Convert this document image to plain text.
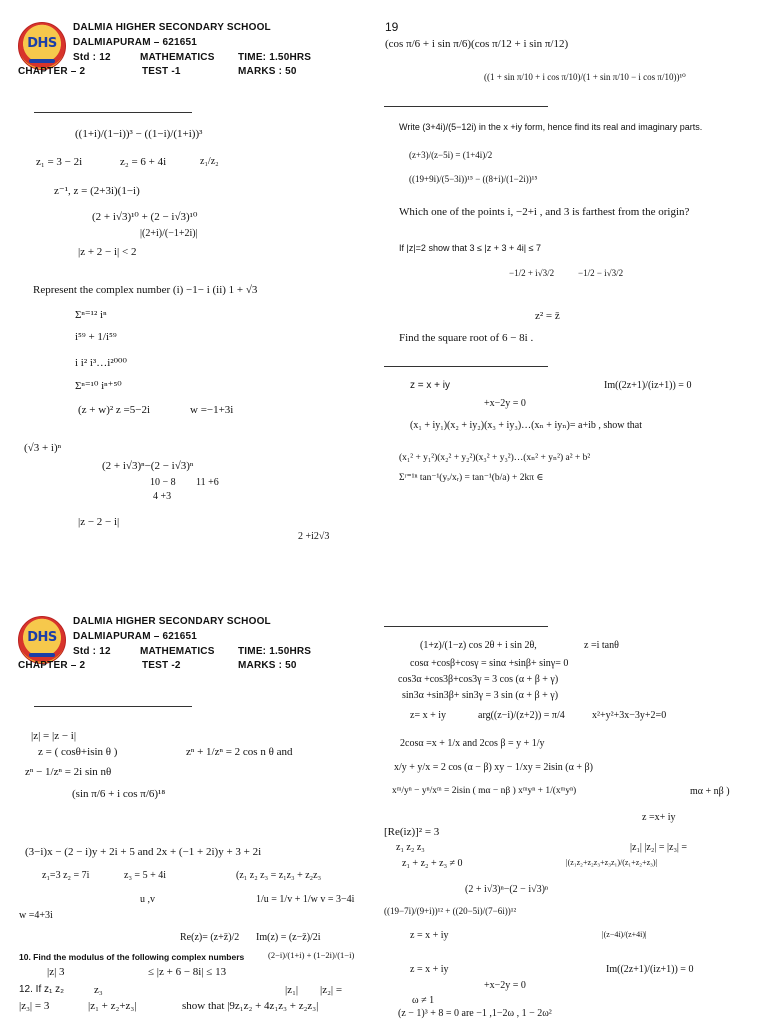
DHS
DALMIA HIGHER SECONDARY SCHOOL
DALMIAPURAM – 621651
Std : 12	MATHEMATICS TIME: 1.50HRS
CHAPTER – 2	TEST -1	MARKS : 50
((1+i)/(1−i))³ − ((1−i)/(1+i))³
z₁ = 3 − 2i	z₂ = 6 + 4i	z₁/z₂
z⁻¹, z = (2+3i)(1−i)
(2 + i√3)¹⁰ + (2 − i√3)¹⁰
|(2+i)/(−1+2i)|
|z + 2 − i| < 2
Represent the complex number (i) −1− i (ii) 1 + √3
Σⁿ⁼¹² iⁿ
i⁵⁹ + 1/i⁵⁹
i i² i³…i²⁰⁰⁰
Σⁿ⁼¹⁰ iⁿ⁺⁵⁰
(z + w)² z =5−2i	w =−1+3i
(√3 + i)ⁿ
(2 + i√3)ⁿ−(2 − i√3)ⁿ
10 − 8 11 +6
4 +3
|z − 2 − i|
2 +i2√3
19
(cos π/6 + i sin π/6)(cos π/12 + i sin π/12)
((1 + sin π/10 + i cos π/10)/(1 + sin π/10 − i cos π/10))¹⁰
Write (3+4i)/(5−12i) in the x +iy form, hence find its real and imaginary parts.
(z+3)/(z−5i) = (1+4i)/2
((19+9i)/(5−3i))¹⁵ − ((8+i)/(1−2i))¹⁵
Which one of the points i, −2+i , and 3 is farthest from the origin?
If |z|=2 show that 3 ≤ |z + 3 + 4i| ≤ 7
−1/2 + i√3/2	−1/2 − i√3/2
z² = z̄
Find the square root of 6 − 8i .
z = x + iy	Im((2z+1)/(iz+1)) = 0
+x−2y = 0
(x₁ + iy₁)(x₂ + iy₂)(x₃ + iy₃)…(xₙ + iyₙ)= a+ib , show that
(x₁² + y₁²)(x₂² + y₂²)(x₃² + y₃²)…(xₙ² + yₙ²) a² + b²
Σʳ⁼¹ⁿ tan⁻¹(yᵣ/xᵣ) = tan⁻¹(b/a) + 2kπ ∈
DHS
DALMIA HIGHER SECONDARY SCHOOL
DALMIAPURAM – 621651
Std : 12	MATHEMATICS TIME: 1.50HRS
CHAPTER – 2	TEST -2	MARKS : 50
|z| = |z − i|
z = ( cosθ+isin θ )	zⁿ + 1/zⁿ = 2 cos n θ and
zⁿ − 1/zⁿ = 2i sin nθ
(sin π/6 + i cos π/6)¹⁸
(3−i)x − (2 − i)y + 2i + 5 and 2x + (−1 + 2i)y + 3 + 2i
z₁=3 z₂ = 7i	z₃ = 5 + 4i	(z₁ z₂ z₃ = z₁z₃ + z₂z₃
u ,v	1/u = 1/v + 1/w v = 3−4i
w =4+3i
Re(z)= (z+z̄)/2 Im(z) = (z−z̄)/2i
10. Find the modulus of the following complex numbers	(2−i)/(1+i) + (1−2i)/(1−i)
|z| 3	≤ |z + 6 − 8i| ≤ 13
12. If z₁ z₂	z₃	|z₁| |z₂| =
|z₃| = 3	|z₁ + z₂+z₃|	show that |9z₁z₂ + 4z₁z₃ + z₂z₃|
(1+z)/(1−z) cos 2θ + i sin 2θ,	z =i tanθ
cosα +cosβ+cosγ = sinα +sinβ+ sinγ= 0
cos3α +cos3β+cos3γ = 3 cos (α + β + γ)
sin3α +sin3β+ sin3γ = 3 sin (α + β + γ)
z= x + iy	arg((z−i)/(z+2)) = π/4	x²+y²+3x−3y+2=0
2cosα =x + 1/x and 2cos β = y + 1/y
x/y + y/x = 2 cos (α − β) xy − 1/xy = 2isin (α + β)
xᵐ/yⁿ − yⁿ/xᵐ = 2isin ( mα − nβ ) xᵐyⁿ + 1/(xᵐyⁿ)	mα + nβ )
z =x+ iy
[Re(iz)]² = 3
z₁ z₂ z₃	|z₁| |z₂| = |z₃| =
z₁ + z₂ + z₃ ≠ 0	|(z₁z₂+z₂z₃+z₃z₁)/(z₁+z₂+z₃)|
(2 + i√3)ⁿ−(2 − i√3)ⁿ
((19−7i)/(9+i))¹² + ((20−5i)/(7−6i))¹²
z = x + iy	|(z−4i)/(z+4i)|
z = x + iy	Im((2z+1)/(iz+1)) = 0
+x−2y = 0
ω ≠ 1
(z − 1)³ + 8 = 0 are −1 ,1−2ω , 1 − 2ω²
